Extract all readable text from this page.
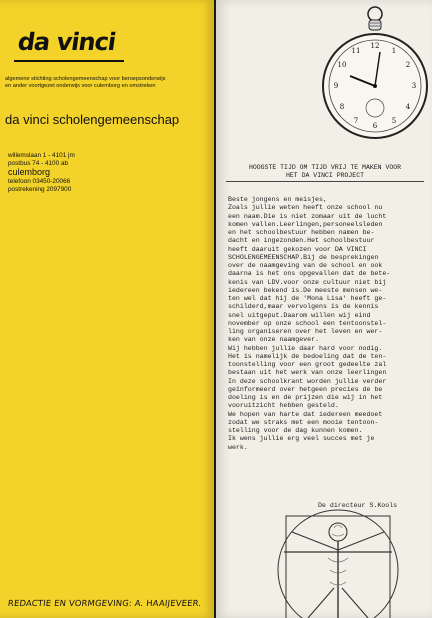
da vinci
algemene stichting scholengemeenschap voor beroepsonderwijs
en ander voortgezet onderwijs voor culemborg en omstreken
da vinci scholengemeenschap
willemslaan 1 - 4101 jm
postbus 74 - 4100 ab
culemborg
telefoon 03450-20066
postrekening 2097900
REDACTIE EN VORMGEVING: A. HAAIJEVEER.
12
1
2
3
4
5
6
7
8
9
10
11
HOOGSTE TIJD OM TIJD VRIJ TE MAKEN VOOR
HET DA VINCI PROJECT
Beste jongens en meisjes,
Zoals jullie weten heeft onze school nu
een naam.Die is niet zomaar uit de lucht
komen vallen.Leerlingen,personeelsleden
en het schoolbestuur hebben namen be-
dacht en ingezonden.Het schoolbestuur
heeft daaruit gekozen voor DA VINCI
SCHOLENGEMEENSCHAP.Bij de besprekingen
over de naamgeving van de school en ook
daarna is het ons opgevallen dat de bete-
kenis van LDV.voor onze cultuur niet bij
iedereen bekend is.De meeste mensen we-
ten wel dat hij de 'Mona Lisa' heeft ge-
schilderd,maar vervolgens is de kennis
snel uitgeput.Daarom willen wij eind
november op onze school een tentoonstel-
ling organiseren over het leven en wer-
ken van onze naamgever.
Wij hebben jullie daar hard voor nodig.
Het is namelijk de bedoeling dat de ten-
toonstelling voor een groot gedeelte zal
bestaan uit het werk van onze leerlingen
In deze schoolkrant worden jullie verder
geïnformeerd over hetgeen precies de be
doeling is en de prijzen die wij in het
vooruitzicht hebben gesteld.
We hopen van harte dat iedereen meedoet
zodat we straks met een mooie tentoon-
stelling voor de dag kunnen komen.
Ik wens jullie erg veel succes met je
werk.
De directeur S.Kools
